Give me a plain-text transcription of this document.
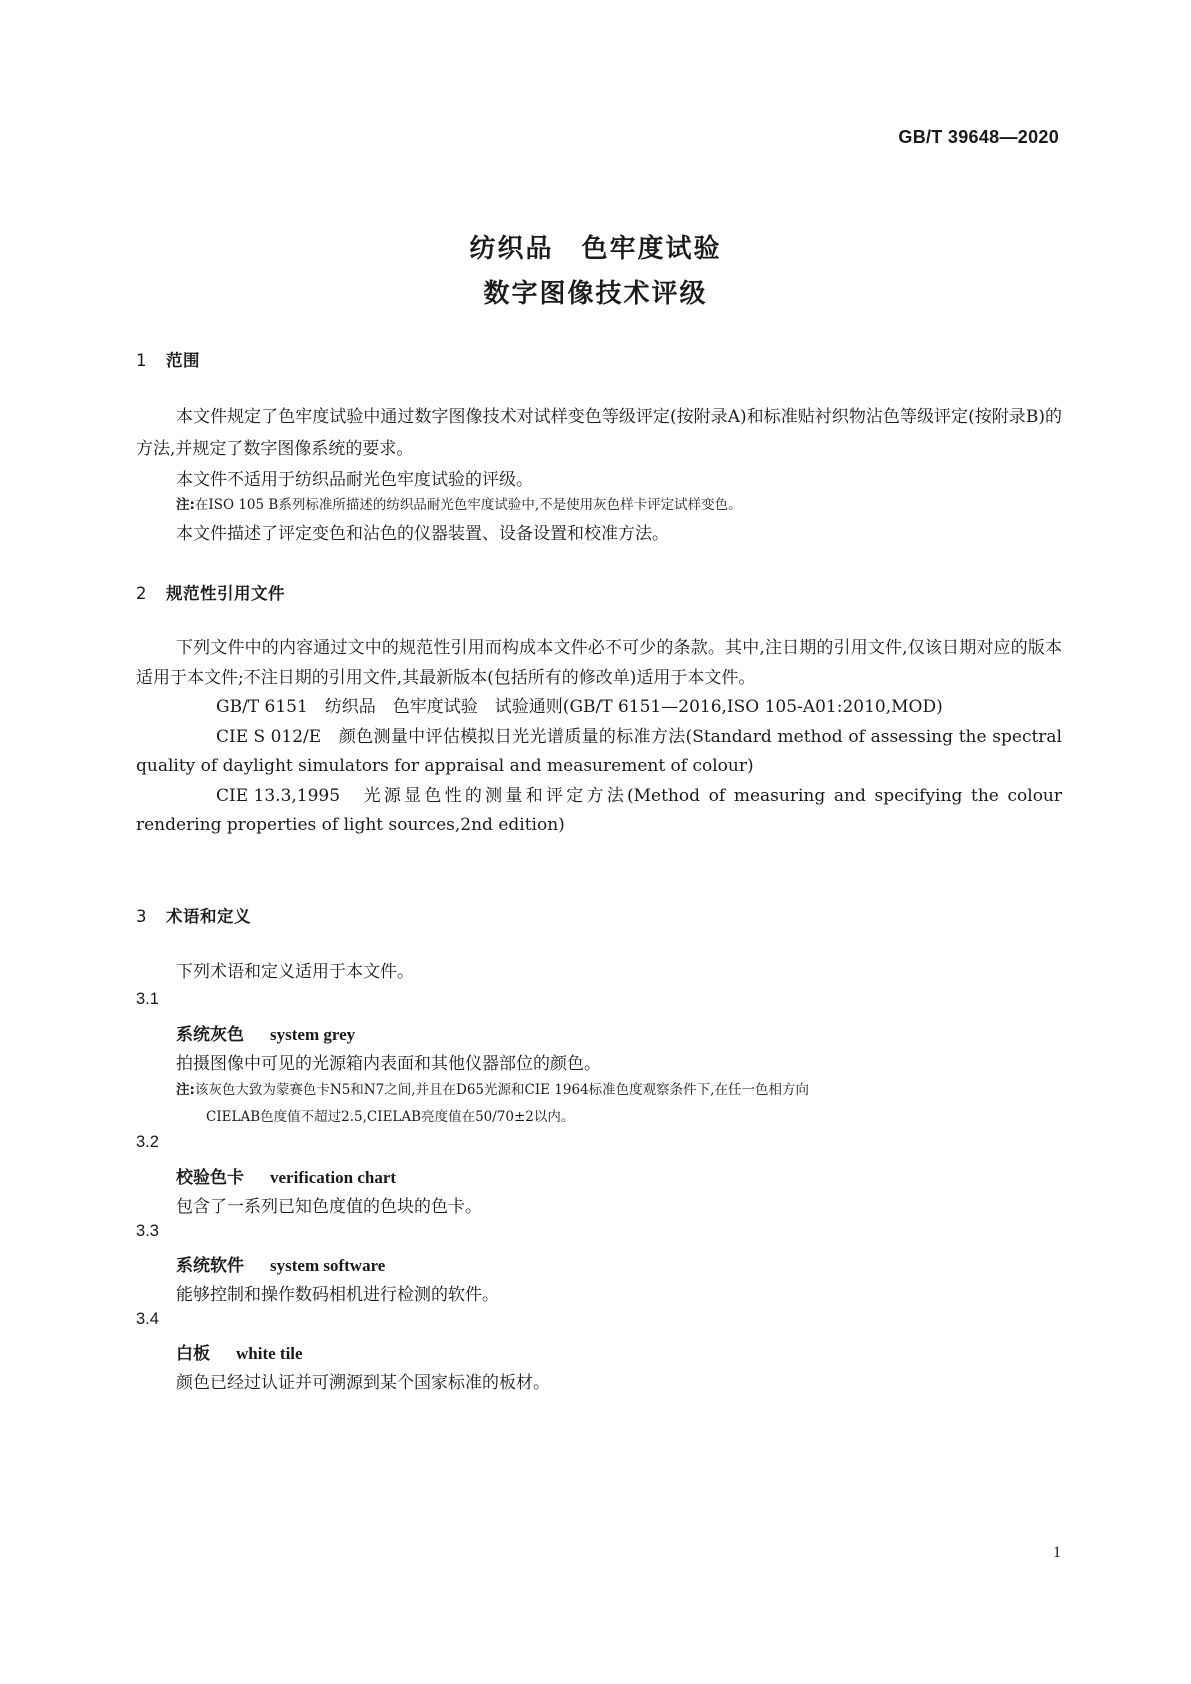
GB/T 39648—2020
纺织品　色牢度试验
数字图像技术评级
1 范围

本文件规定了色牢度试验中通过数字图像技术对试样变色等级评定(按附录A)和标准贴衬织物沾色等级评定(按附录B)的方法,并规定了数字图像系统的要求。

本文件不适用于纺织品耐光色牢度试验的评级。

注:在ISO 105 B系列标准所描述的纺织品耐光色牢度试验中,不是使用灰色样卡评定试样变色。

本文件描述了评定变色和沾色的仪器装置、设备设置和校准方法。

2 规范性引用文件

下列文件中的内容通过文中的规范性引用而构成本文件必不可少的条款。其中,注日期的引用文件,仅该日期对应的版本适用于本文件;不注日期的引用文件,其最新版本(包括所有的修改单)适用于本文件。

GB/T 6151　 纺织品　色牢度试验　试验通则(GB/T 6151—2016,ISO 105-A01:2010,MOD)

CIE S 012/E　 颜色测量中评估模拟日光光谱质量的标准方法(Standard method of assessing the spectral quality of daylight simulators for appraisal and measurement of colour)

CIE 13.3,1995　 光源显色性的测量和评定方法(Method of measuring and specifying the colour rendering properties of light sources,2nd edition)

3 术语和定义

下列术语和定义适用于本文件。

3.1
系统灰色 system grey
拍摄图像中可见的光源箱内表面和其他仪器部位的颜色。
注:该灰色大致为蒙赛色卡N5和N7之间,并且在D65光源和CIE 1964标准色度观察条件下,在任一色相方向
CIELAB色度值不超过2.5,CIELAB亮度值在50/70±2以内。
3.2
校验色卡 verification chart
包含了一系列已知色度值的色块的色卡。
3.3
系统软件 system software
能够控制和操作数码相机进行检测的软件。
3.4
白板 white tile
颜色已经过认证并可溯源到某个国家标准的板材。
1
